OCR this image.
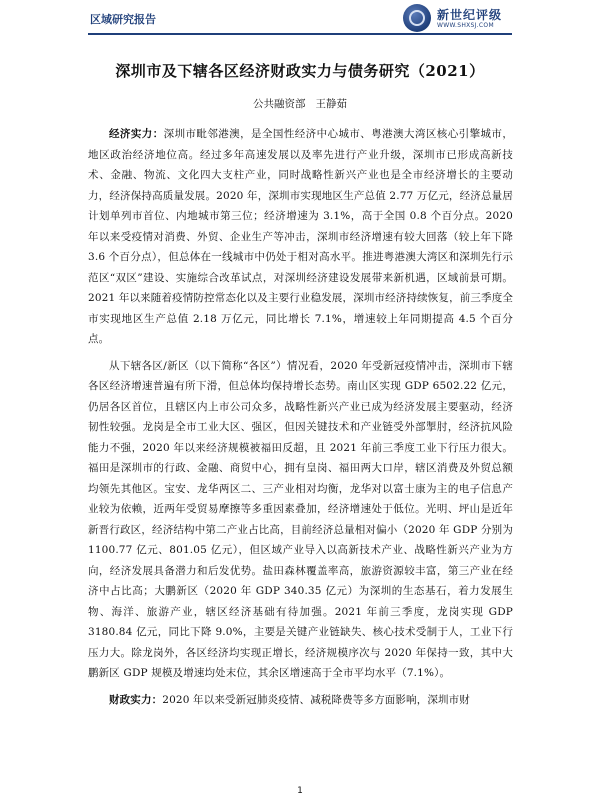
区域研究报告	新世纪评级
WWW.SHXSJ.COM
深圳市及下辖各区经济财政实力与债务研究（2021）
公共融资部 王静茹

经济实力：深圳市毗邻港澳，是全国性经济中心城市、粤港澳大湾区核心引擎城市，地区政治经济地位高。经过多年高速发展以及率先进行产业升级，深圳市已形成高新技术、金融、物流、文化四大支柱产业，同时战略性新兴产业也是全市经济增长的主要动力，经济保持高质量发展。2020 年，深圳市实现地区生产总值 2.77 万亿元，经济总量居计划单列市首位、内地城市第三位；经济增速为 3.1%，高于全国 0.8 个百分点。2020 年以来受疫情对消费、外贸、企业生产等冲击，深圳市经济增速有较大回落（较上年下降 3.6 个百分点），但总体在一线城市中仍处于相对高水平。推进粤港澳大湾区和深圳先行示范区“双区”建设、实施综合改革试点，对深圳经济建设发展带来新机遇，区域前景可期。2021 年以来随着疫情防控常态化以及主要行业稳发展，深圳市经济持续恢复，前三季度全市实现地区生产总值 2.18 万亿元，同比增长 7.1%，增速较上年同期提高 4.5 个百分点。

从下辖各区/新区（以下简称“各区”）情况看，2020 年受新冠疫情冲击，深圳市下辖各区经济增速普遍有所下滑，但总体均保持增长态势。南山区实现 GDP 6502.22 亿元，仍居各区首位，且辖区内上市公司众多，战略性新兴产业已成为经济发展主要驱动，经济韧性较强。龙岗是全市工业大区、强区，但因关键技术和产业链受外部掣肘，经济抗风险能力不强，2020 年以来经济规模被福田反超，且 2021 年前三季度工业下行压力很大。福田是深圳市的行政、金融、商贸中心，拥有皇岗、福田两大口岸，辖区消费及外贸总额均领先其他区。宝安、龙华两区二、三产业相对均衡，龙华对以富士康为主的电子信息产业较为依赖，近两年受贸易摩擦等多重因素叠加，经济增速处于低位。光明、坪山是近年新晋行政区，经济结构中第二产业占比高，目前经济总量相对偏小（2020 年 GDP 分别为 1100.77 亿元、801.05 亿元），但区域产业导入以高新技术产业、战略性新兴产业为方向，经济发展具备潜力和后发优势。盐田森林覆盖率高，旅游资源较丰富，第三产业在经济中占比高；大鹏新区（2020 年 GDP 340.35 亿元）为深圳的生态基石，着力发展生物、海洋、旅游产业，辖区经济基础有待加强。2021 年前三季度，龙岗实现 GDP 3180.84 亿元，同比下降 9.0%，主要是关键产业链缺失、核心技术受制于人，工业下行压力大。除龙岗外，各区经济均实现正增长，经济规模序次与 2020 年保持一致，其中大鹏新区 GDP 规模及增速均处末位，其余区增速高于全市平均水平（7.1%）。

财政实力：2020 年以来受新冠肺炎疫情、减税降费等多方面影响，深圳市财

1
